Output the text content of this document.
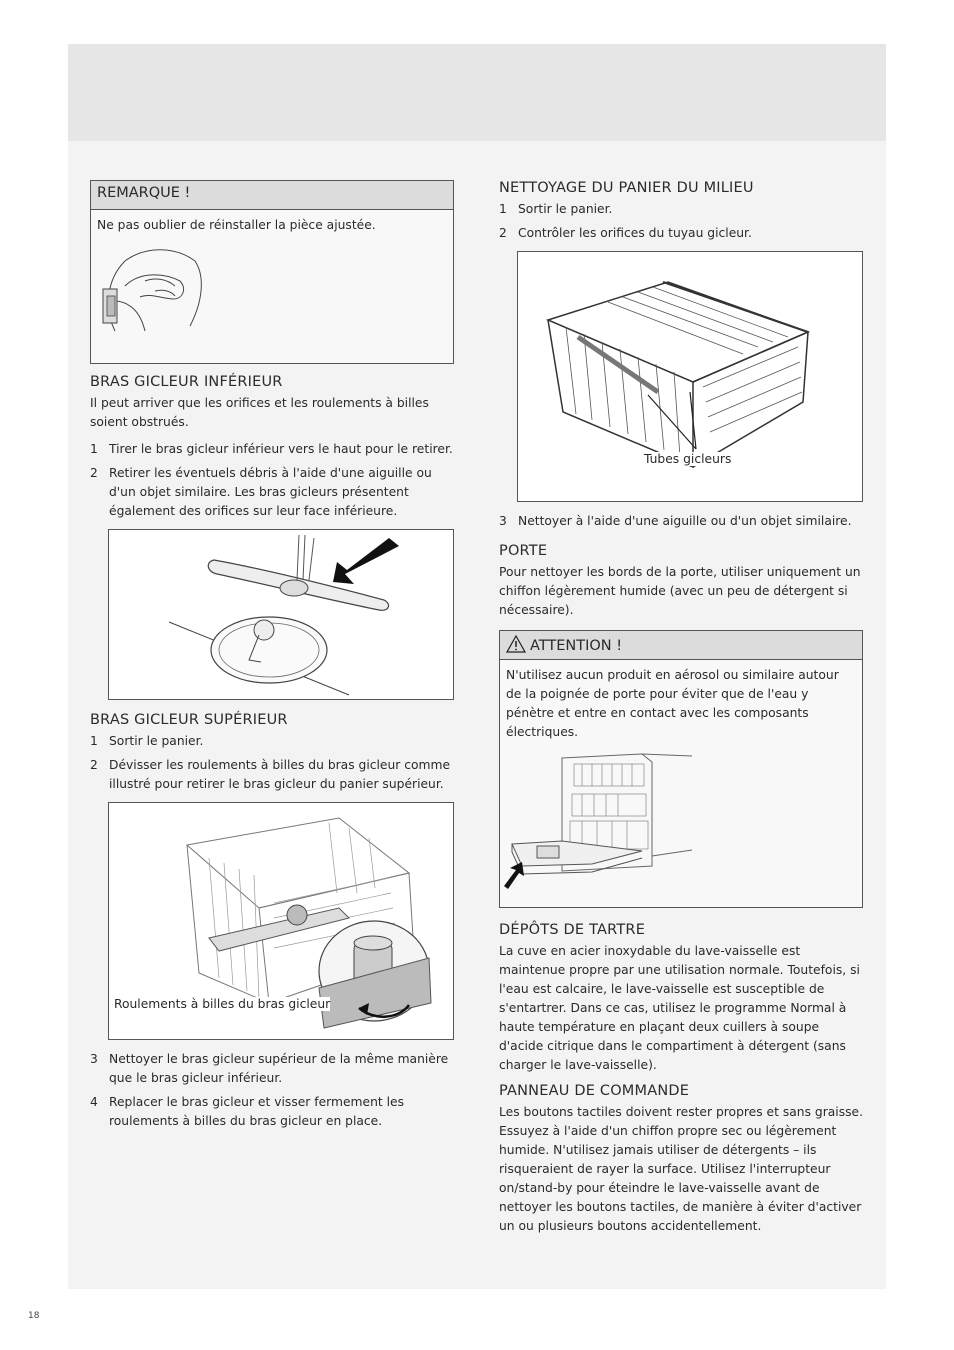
REMARQUE !
Ne pas oublier de réinstaller la pièce ajustée.
BRAS GICLEUR INFÉRIEUR

Il peut arriver que les orifices et les roulements à billes soient obstrués.

1 Tirer le bras gicleur inférieur vers le haut pour le retirer.
2 Retirer les éventuels débris à l'aide d'une aiguille ou d'un objet similaire. Les bras gicleurs présentent également des orifices sur leur face inférieure.
BRAS GICLEUR SUPÉRIEUR
1 Sortir le panier.
2 Dévisser les roulements à billes du bras gicleur comme illustré pour retirer le bras gicleur du panier supérieur.
Roulements à billes du bras gicleur
3 Nettoyer le bras gicleur supérieur de la même manière que le bras gicleur inférieur.
4 Replacer le bras gicleur et visser fermement les roulements à billes du bras gicleur en place.
NETTOYAGE DU PANIER DU MILIEU
1 Sortir le panier.
2 Contrôler les orifices du tuyau gicleur.
Tubes gicleurs
3 Nettoyer à l'aide d'une aiguille ou d'un objet similaire.
PORTE

Pour nettoyer les bords de la porte, utiliser uniquement un chiffon légèrement humide (avec un peu de détergent si nécessaire).

ATTENTION !
N'utilisez aucun produit en aérosol ou similaire autour de la poignée de porte pour éviter que de l'eau y pénètre et entre en contact avec les composants électriques.
DÉPÔTS DE TARTRE

La cuve en acier inoxydable du lave-vaisselle est maintenue propre par une utilisation normale. Toutefois, si l'eau est calcaire, le lave-vaisselle est susceptible de s'entartrer. Dans ce cas, utilisez le programme Normal à haute température en plaçant deux cuillers à soupe d'acide citrique dans le compartiment à détergent (sans charger le lave-vaisselle).

PANNEAU DE COMMANDE

Les boutons tactiles doivent rester propres et sans graisse. Essuyez à l'aide d'un chiffon propre sec ou légèrement humide. N'utilisez jamais utiliser de détergents – ils risqueraient de rayer la surface. Utilisez l'interrupteur on/stand-by pour éteindre le lave-vaisselle avant de nettoyer les boutons tactiles, de manière à éviter d'activer un ou plusieurs boutons accidentellement.

18
